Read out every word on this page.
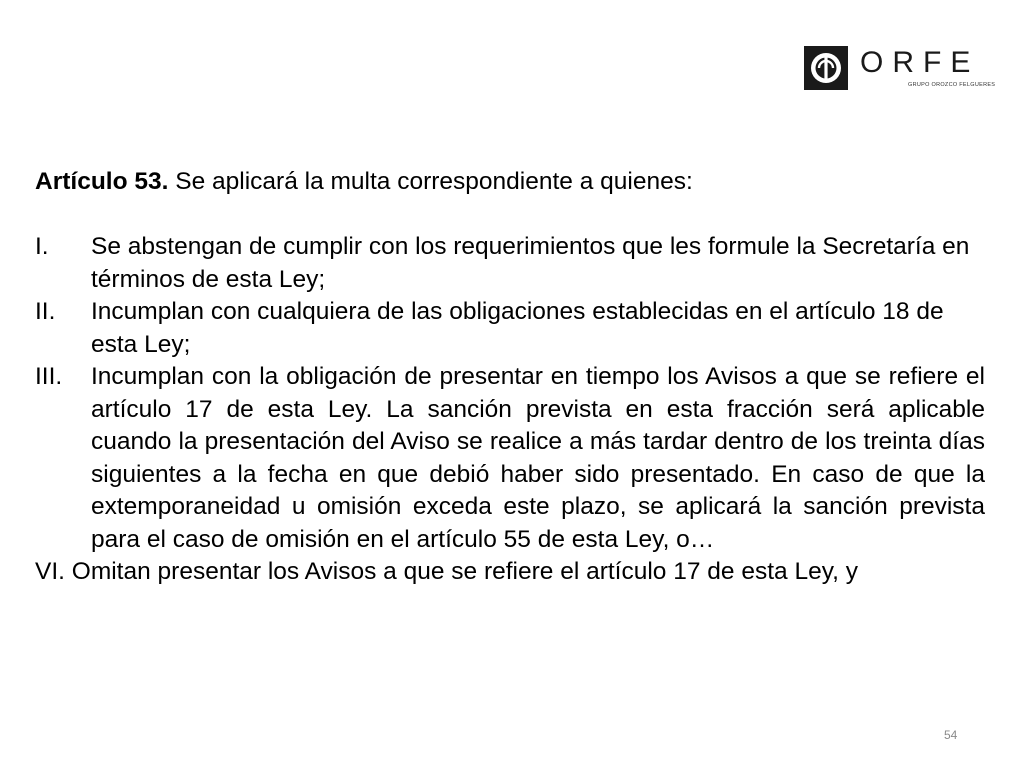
ORFE
GRUPO OROZCO FELGUERES

Artículo 53. Se aplicará la multa correspondiente a quienes:

I.	Se abstengan de cumplir con los requerimientos que les formule la Secretaría en términos de esta Ley;
II.	Incumplan con cualquiera de las obligaciones establecidas en el artículo 18 de esta Ley;
III.	Incumplan con la obligación de presentar en tiempo los Avisos a que se refiere el artículo 17 de esta Ley. La sanción prevista en esta fracción será aplicable cuando la presentación del Aviso se realice a más tardar dentro de los treinta días siguientes a la fecha en que debió haber sido presentado. En caso de que la extemporaneidad u omisión exceda este plazo, se aplicará la sanción prevista para el caso de omisión en el artículo 55 de esta Ley, o…

VI. Omitan presentar los Avisos a que se refiere el artículo 17 de esta Ley, y

54
